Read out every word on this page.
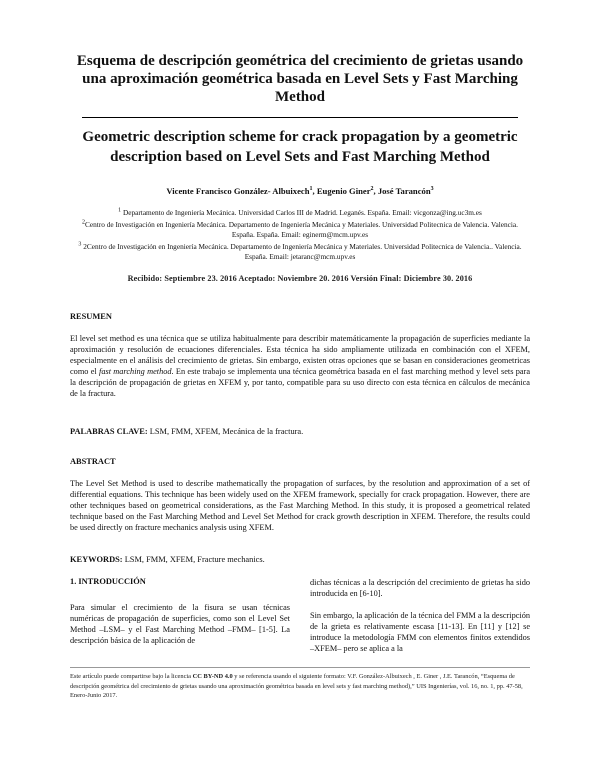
Esquema de descripción geométrica del crecimiento de grietas usando una aproximación geométrica basada en Level Sets y Fast Marching Method
Geometric description scheme for crack propagation by a geometric description based on Level Sets and Fast Marching Method
Vicente Francisco González- Albuixech$^1$, Eugenio Giner$^2$, José Tarancón$^3$
$^1$ Departamento de Ingeniería Mecánica. Universidad Carlos III de Madrid. Leganés. España. Email: vicgonza@ing.uc3m.es
$^2$Centro de Investigación en Ingeniería Mecánica. Departamento de Ingeniería Mecánica y Materiales. Universidad Politecnica de Valencia. Valencia. España. España. Email: eginerm@mcm.upv.es
$^3$ 2Centro de Investigación en Ingeniería Mecánica. Departamento de Ingeniería Mecánica y Materiales. Universidad Politecnica de Valencia.. Valencia. España. Email: jetaranc@mcm.upv.es
Recibido: Septiembre 23. 2016 Aceptado: Noviembre 20. 2016 Versión Final: Diciembre 30. 2016
RESUMEN
El level set method es una técnica que se utiliza habitualmente para describir matemáticamente la propagación de superficies mediante la aproximación y resolución de ecuaciones diferenciales. Esta técnica ha sido ampliamente utilizada en combinación con el XFEM, especialmente en el análisis del crecimiento de grietas. Sin embargo, existen otras opciones que se basan en consideraciones geometricas como el fast marching method. En este trabajo se implementa una técnica geométrica basada en el fast marching method y level sets para la descripción de propagación de grietas en XFEM y, por tanto, compatible para su uso directo con esta técnica en cálculos de mecánica de la fractura.
PALABRAS CLAVE: LSM, FMM, XFEM, Mecánica de la fractura.
ABSTRACT
The Level Set Method is used to describe mathematically the propagation of surfaces, by the resolution and approximation of a set of differential equations. This technique has been widely used on the XFEM framework, specially for crack propagation. However, there are other techniques based on geometrical considerations, as the Fast Marching Method. In this study, it is proposed a geometrical related technique based on the Fast Marching Method and Level Set Method for crack growth description in XFEM. Therefore, the results could be used directly on fracture mechanics analysis using XFEM.
KEYWORDS: LSM, FMM, XFEM, Fracture mechanics.
1. INTRODUCCIÓN
Para simular el crecimiento de la fisura se usan técnicas numéricas de propagación de superficies, como son el Level Set Method –LSM– y el Fast Marching Method –FMM– [1-5]. La descripción básica de la aplicación de
dichas técnicas a la descripción del crecimiento de grietas ha sido introducida en [6-10].
Sin embargo, la aplicación de la técnica del FMM a la descripción de la grieta es relativamente escasa [11-13]. En [11] y [12] se introduce la metodología FMM con elementos finitos extendidos –XFEM– pero se aplica a la
Este artículo puede compartirse bajo la licencia CC BY-ND 4.0 y se referencia usando el siguiente formato: V.F. González-Albuixech , E. Giner , J.E. Tarancón, “Esquema de descripción geométrica del crecimiento de grietas usando una aproximación geométrica basada en level sets y fast marching method),” UIS Ingenierías, vol. 16, no. 1, pp. 47-58, Enero-Junio 2017.
